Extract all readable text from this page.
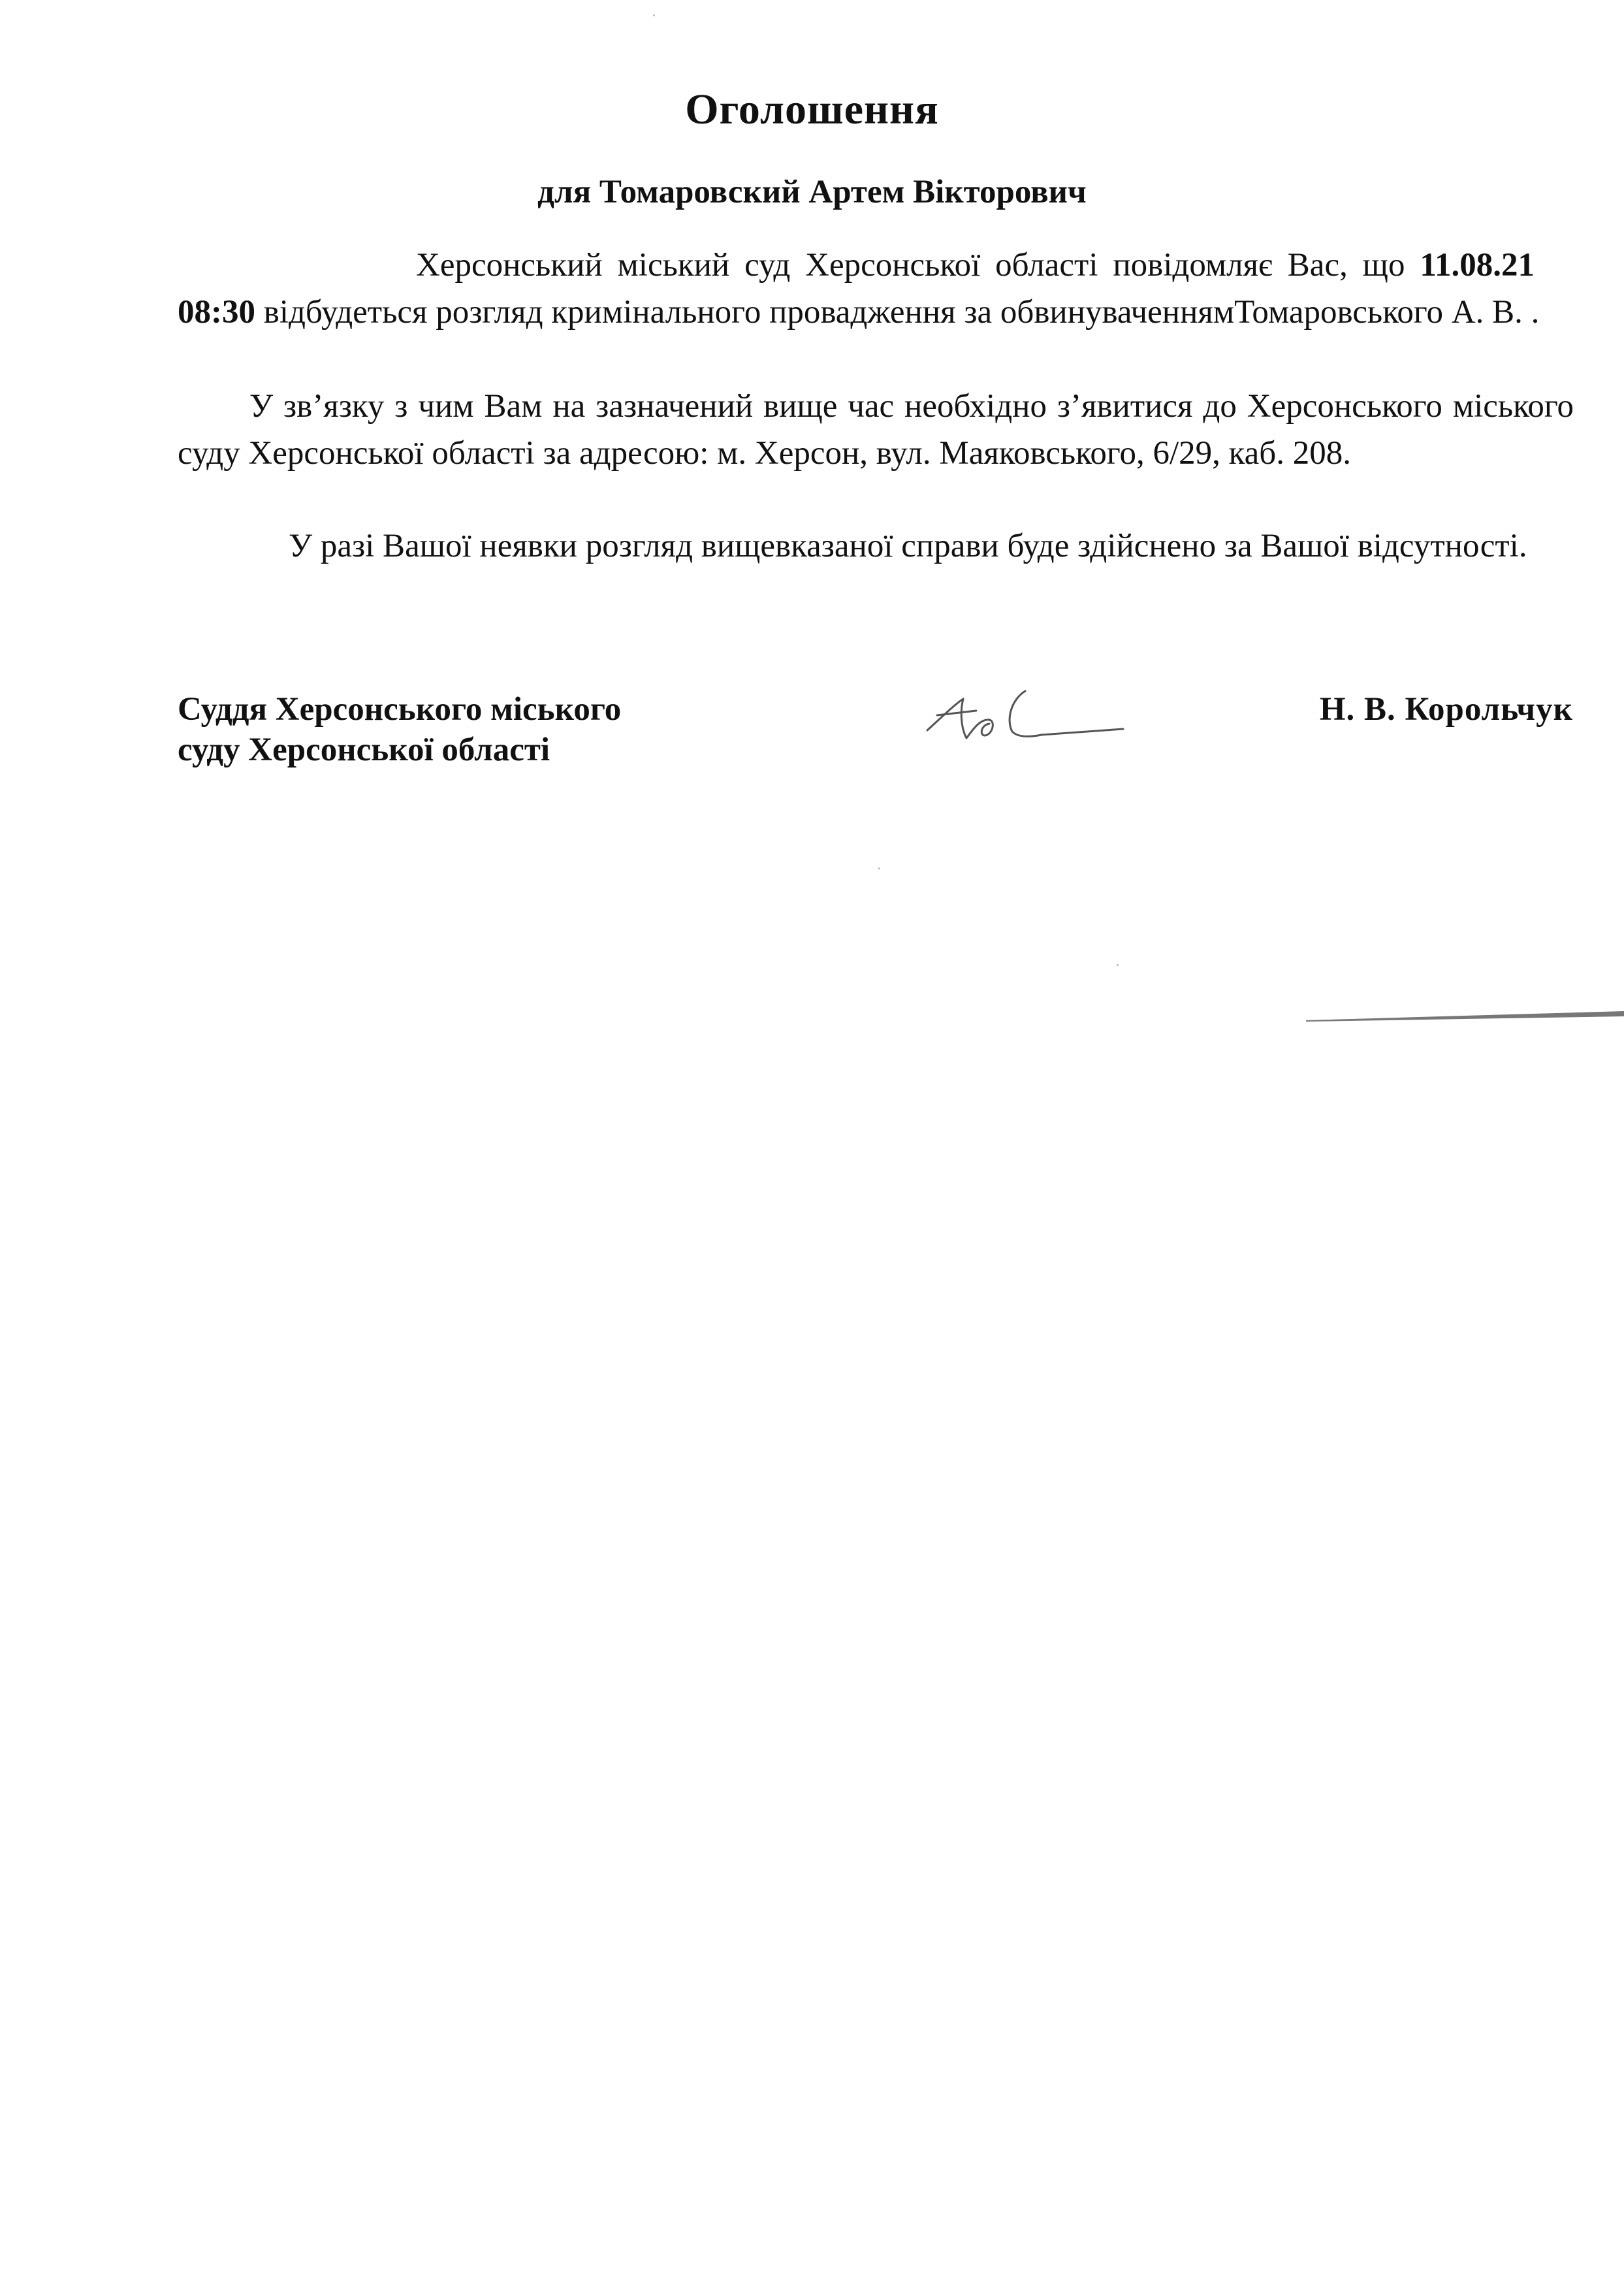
Оголошення
для Томаровский Артем Вікторович
Херсонський міський суд Херсонської області повідомляє Вас, що 11.08.2108:30 відбудеться розгляд кримінального провадження за обвинуваченнямТомаровського А. В. .
У зв’язку з чим Вам на зазначений вище час необхідно з’явитися до Херсонського міського суду Херсонської області за адресою: м. Херсон, вул. Маяковського, 6/29, каб. 208.
У разі Вашої неявки розгляд вищевказаної справи буде здійснено за Вашої відсутності.
Суддя Херсонського міського
суду Херсонської області
Н. В. Корольчук
